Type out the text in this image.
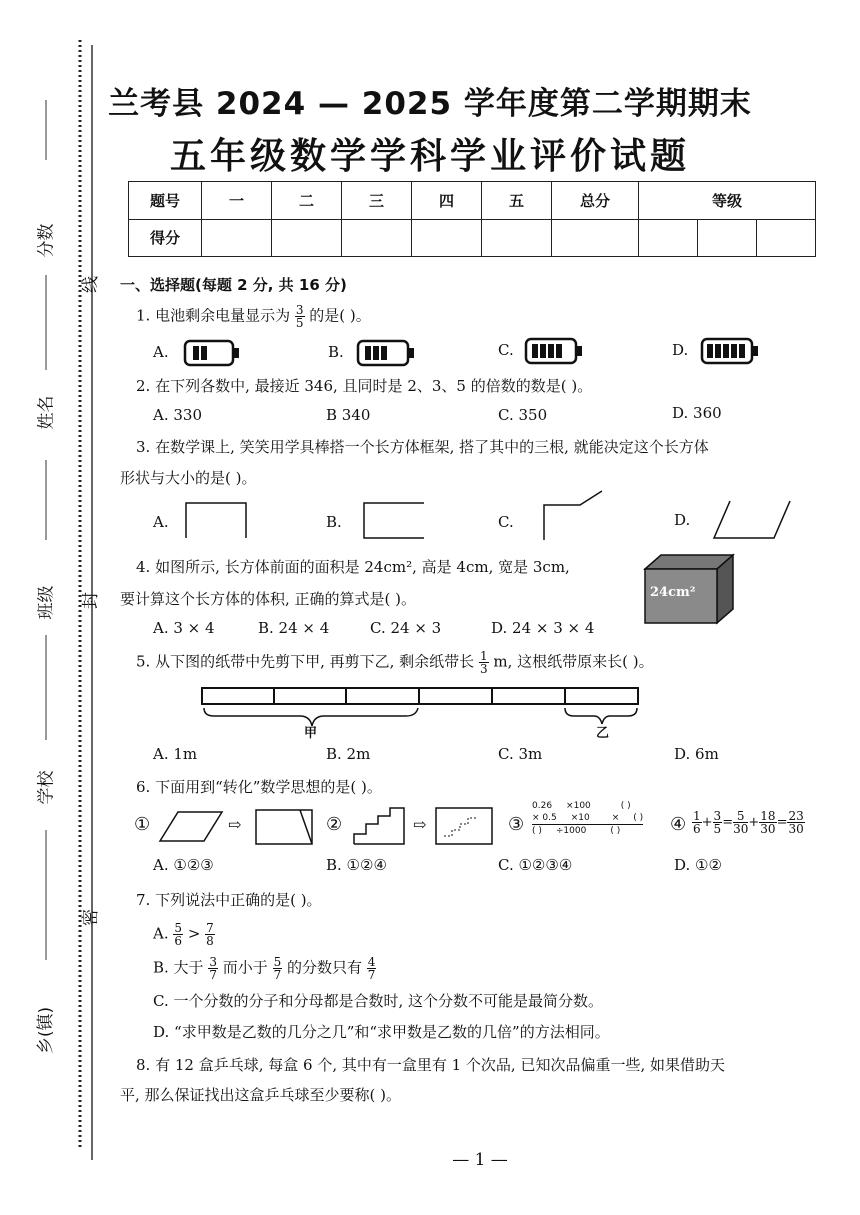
分数
姓名
班级
学校
乡(镇)
线
封
密
兰考县 2024 — 2025 学年度第二学期期末
五年级数学学科学业评价试题
题号	一	二	三	四	五	总分	等级		
得分									
一、选择题(每题 2 分, 共 16 分)
1. 电池剩余电量显示为 $\frac{3}{5}$ 的是( )。
A.	B.	C.	D.
2. 在下列各数中, 最接近 346, 且同时是 2、3、5 的倍数的数是( )。
A. 330	B 340	C. 350	D. 360
3. 在数学课上, 笑笑用学具棒搭一个长方体框架, 搭了其中的三根, 就能决定这个长方体
形状与大小的是( )。
A.	B.	C.	D.
4. 如图所示, 长方体前面的面积是 24cm², 高是 4cm, 宽是 3cm,
要计算这个长方体的体积, 正确的算式是( )。	24cm²
A. 3 × 4	B. 24 × 4	C. 24 × 3	D. 24 × 3 × 4
5. 从下图的纸带中先剪下甲, 再剪下乙, 剩余纸带长 $\frac{1}{3} m$, 这根纸带原来长( )。
甲	乙
A. 1m	B. 2m	C. 3m	D. 6m
6. 下面用到“转化”数学思想的是( )。
①	⇨	②	⇨	③
0.26 ×100	( )
× 0.5 ×10 × ( )
( ) ÷1000	( )	④ $\frac{1}{6} + \frac{3}{5} = \frac{5}{30} + \frac{18}{30} = \frac{23}{30}$
A. ①②③	B. ①②④	C. ①②③④	D. ①②
7. 下列说法中正确的是( )。
A. $\frac{5}{6} > \frac{7}{8}$
B. 大于 $\frac{3}{7}$ 而小于 $\frac{5}{7}$ 的分数只有 $\frac{4}{7}$
C. 一个分数的分子和分母都是合数时, 这个分数不可能是最简分数。
D. “求甲数是乙数的几分之几”和“求甲数是乙数的几倍”的方法相同。
8. 有 12 盒乒乓球, 每盒 6 个, 其中有一盒里有 1 个次品, 已知次品偏重一些, 如果借助天
平, 那么保证找出这盒乒乓球至少要称( )。
— 1 —
